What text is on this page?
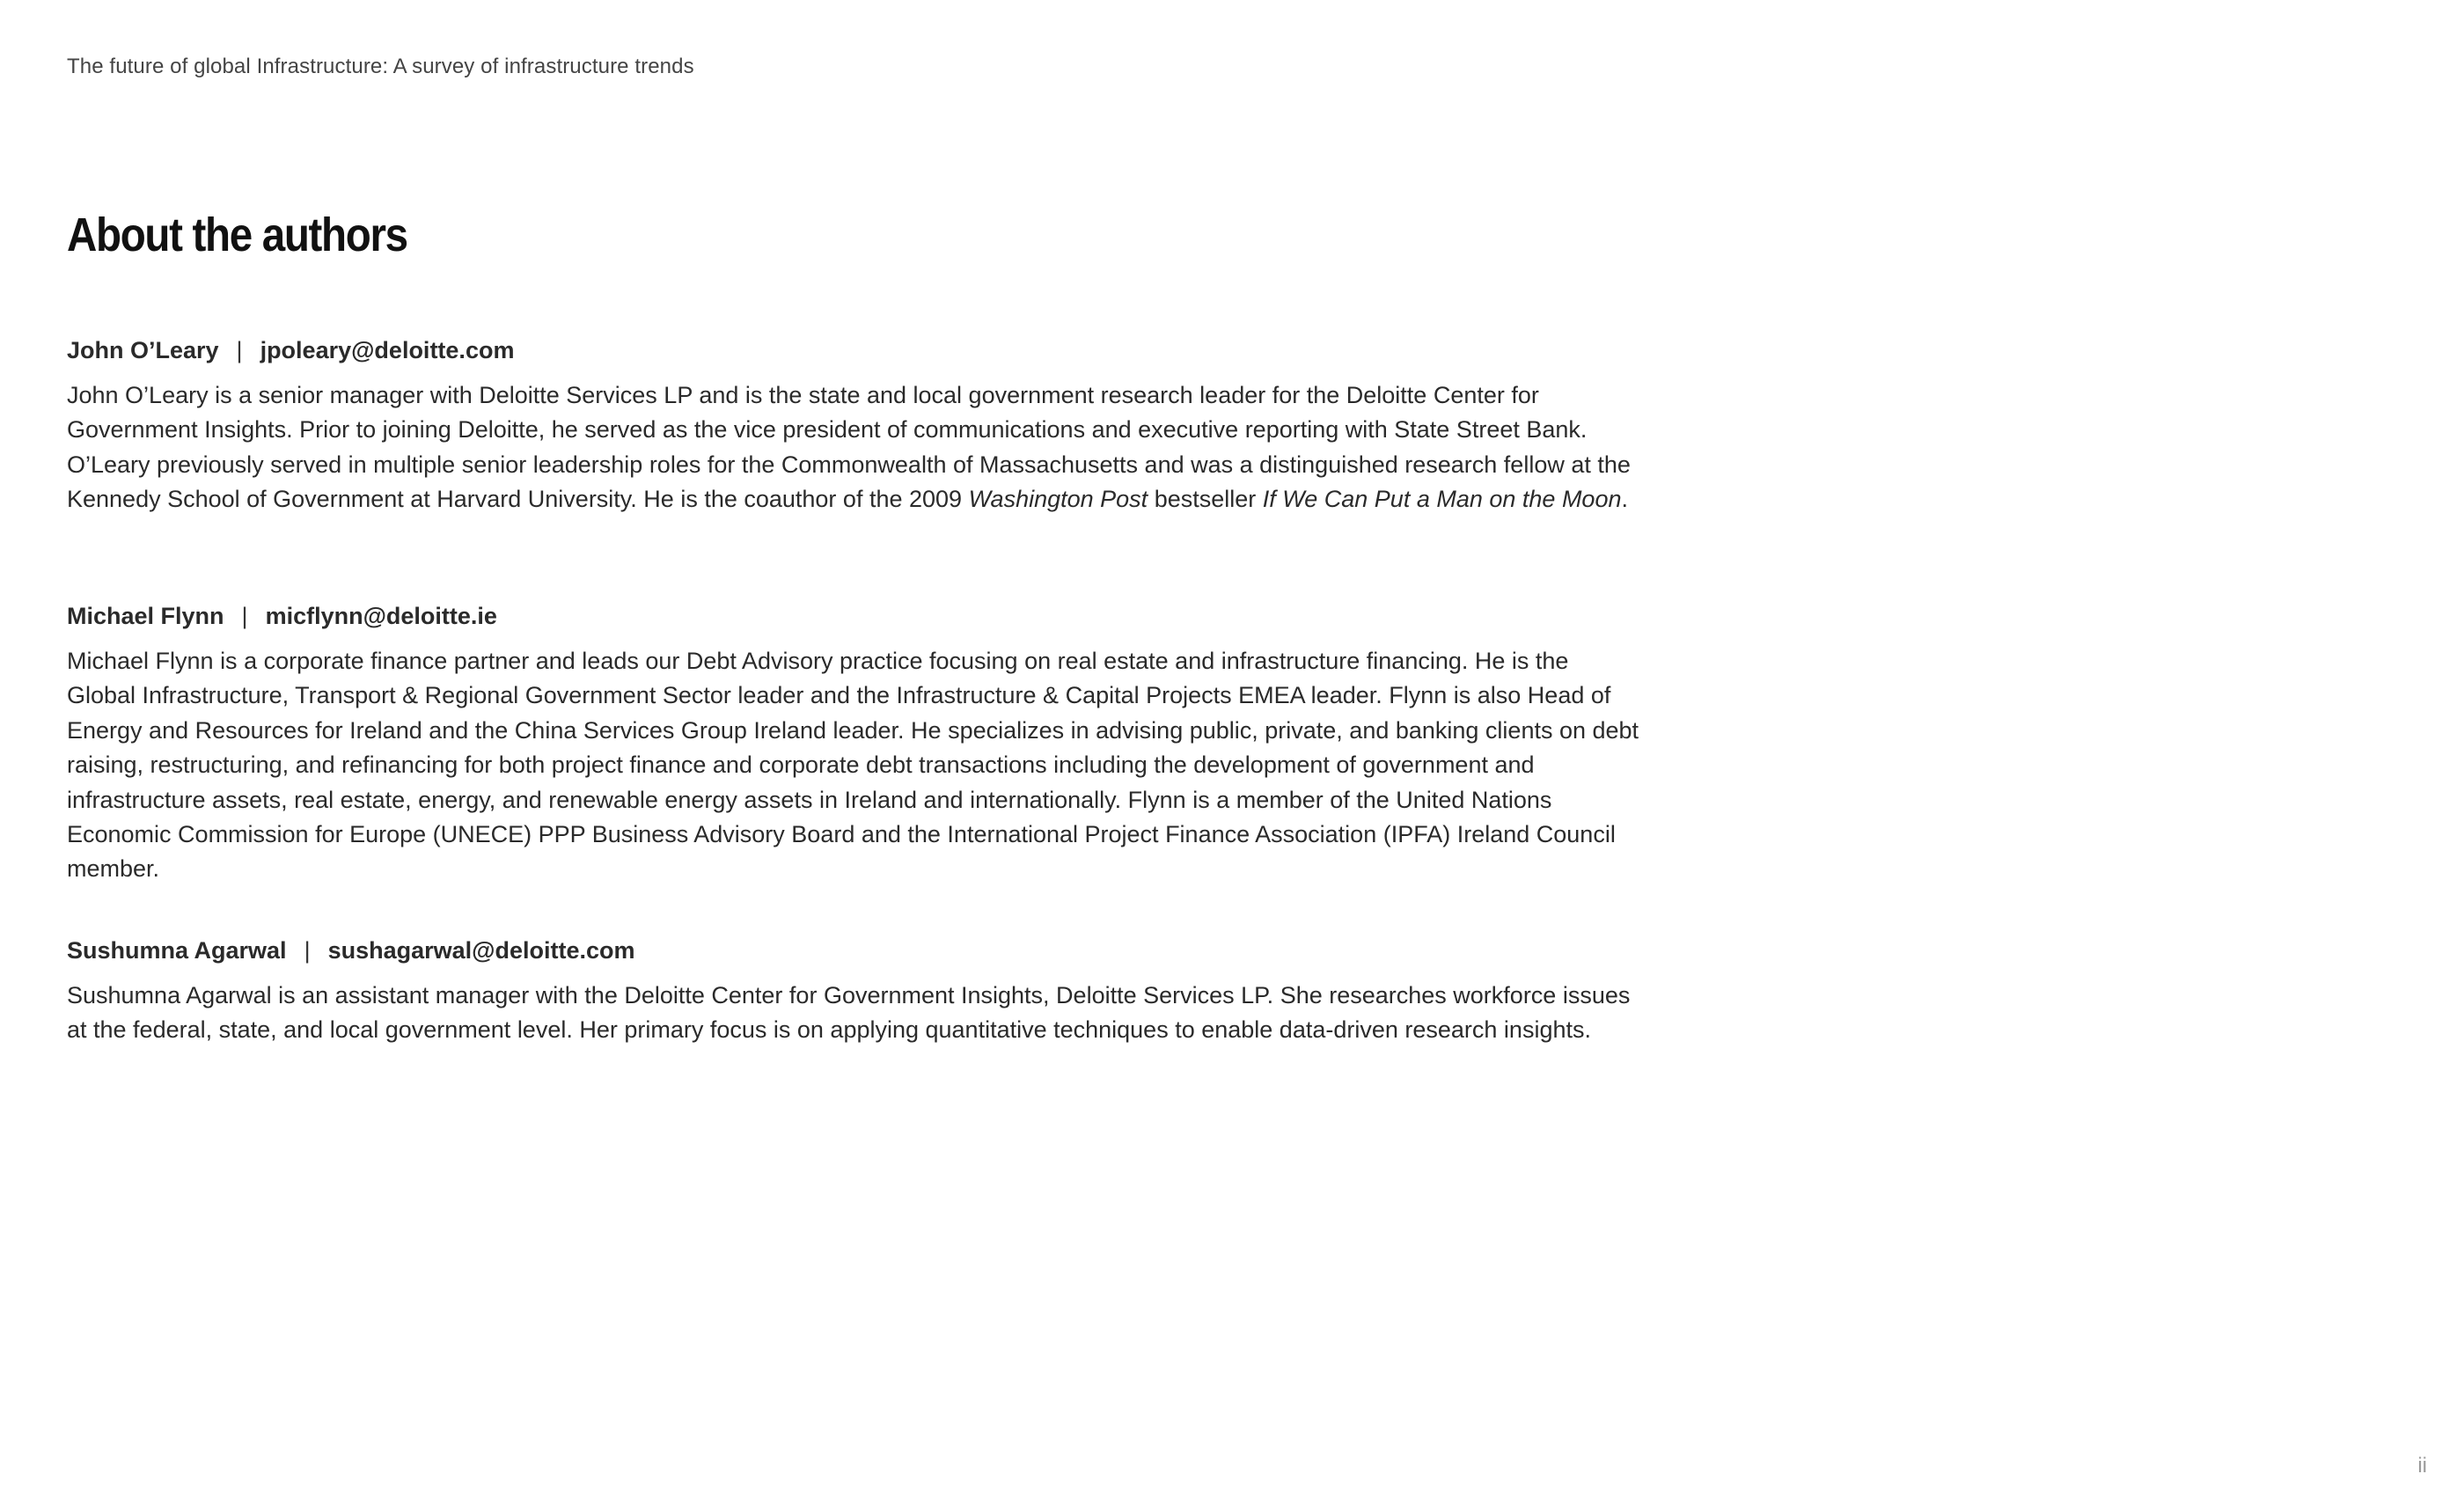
The future of global Infrastructure: A survey of infrastructure trends
About the authors
John O’Leary | jpoleary@deloitte.com
John O’Leary is a senior manager with Deloitte Services LP and is the state and local government research leader for the Deloitte Center for Government Insights. Prior to joining Deloitte, he served as the vice president of communications and executive reporting with State Street Bank. O’Leary previously served in multiple senior leadership roles for the Commonwealth of Massachusetts and was a distinguished research fellow at the Kennedy School of Government at Harvard University. He is the coauthor of the 2009 Washington Post bestseller If We Can Put a Man on the Moon.
Michael Flynn | micflynn@deloitte.ie
Michael Flynn is a corporate finance partner and leads our Debt Advisory practice focusing on real estate and infrastructure financing. He is the Global Infrastructure, Transport & Regional Government Sector leader and the Infrastructure & Capital Projects EMEA leader. Flynn is also Head of Energy and Resources for Ireland and the China Services Group Ireland leader. He specializes in advising public, private, and banking clients on debt raising, restructuring, and refinancing for both project finance and corporate debt transactions including the development of government and infrastructure assets, real estate, energy, and renewable energy assets in Ireland and internationally. Flynn is a member of the United Nations Economic Commission for Europe (UNECE) PPP Business Advisory Board and the International Project Finance Association (IPFA) Ireland Council member.
Sushumna Agarwal | sushagarwal@deloitte.com
Sushumna Agarwal is an assistant manager with the Deloitte Center for Government Insights, Deloitte Services LP. She researches workforce issues at the federal, state, and local government level. Her primary focus is on applying quantitative techniques to enable data-driven research insights.
ii
